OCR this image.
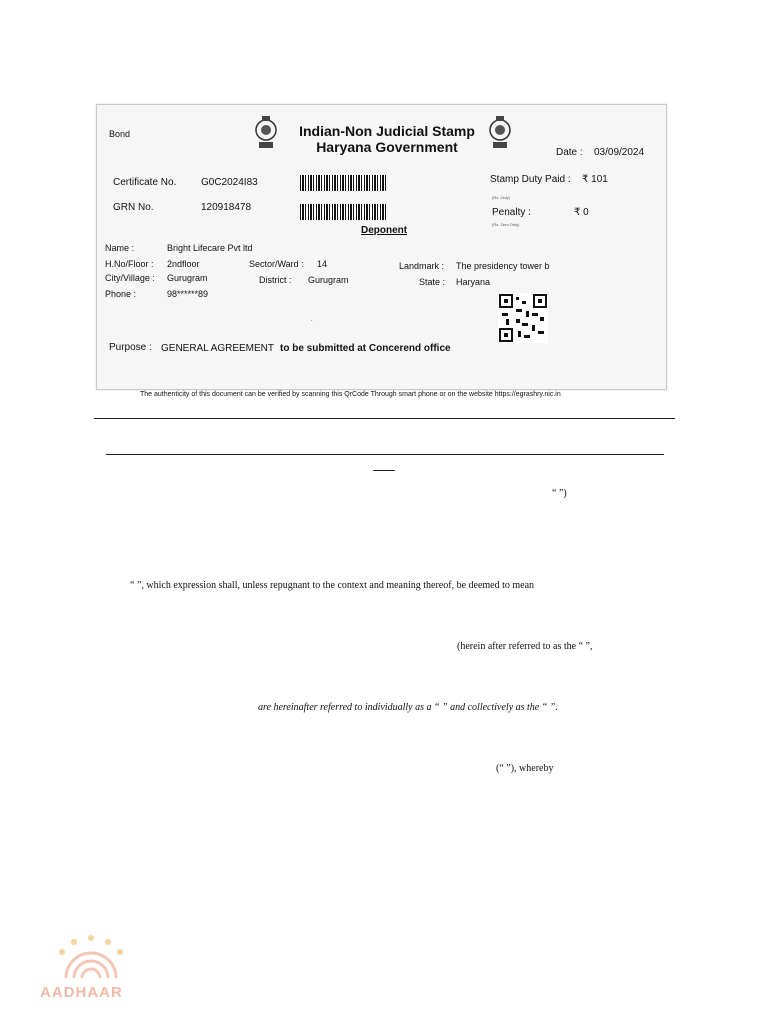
Bond	Indian-Non Judicial Stamp
Haryana Government	Date : 03/09/2024
Certificate No. G0C2024I83
GRN No.	120918478
Stamp Duty Paid : ₹ 101
(Rs. Only)
Penalty :	₹ 0
(Rs. Zero Only)
Deponent
Name :	Bright Lifecare Pvt ltd
H.No/Floor : 2ndfloor	Sector/Ward : 14	Landmark : The presidency tower b
City/Village : Gurugram	District : Gurugram	State : Haryana
Phone :	98******89
.
Purpose : GENERAL AGREEMENT to be submitted at Concerend office
The authenticity of this document can be verified by scanning this QrCode Through smart phone or on the website https://egrashry.nic.in
“ ”)
“ ”, which expression shall, unless repugnant to the context and meaning thereof, be deemed to mean
(herein after referred to as the “ ”,
are hereinafter referred to individually as a “ ” and collectively as the “ ”.
(“ ”), whereby
AADHAAR
